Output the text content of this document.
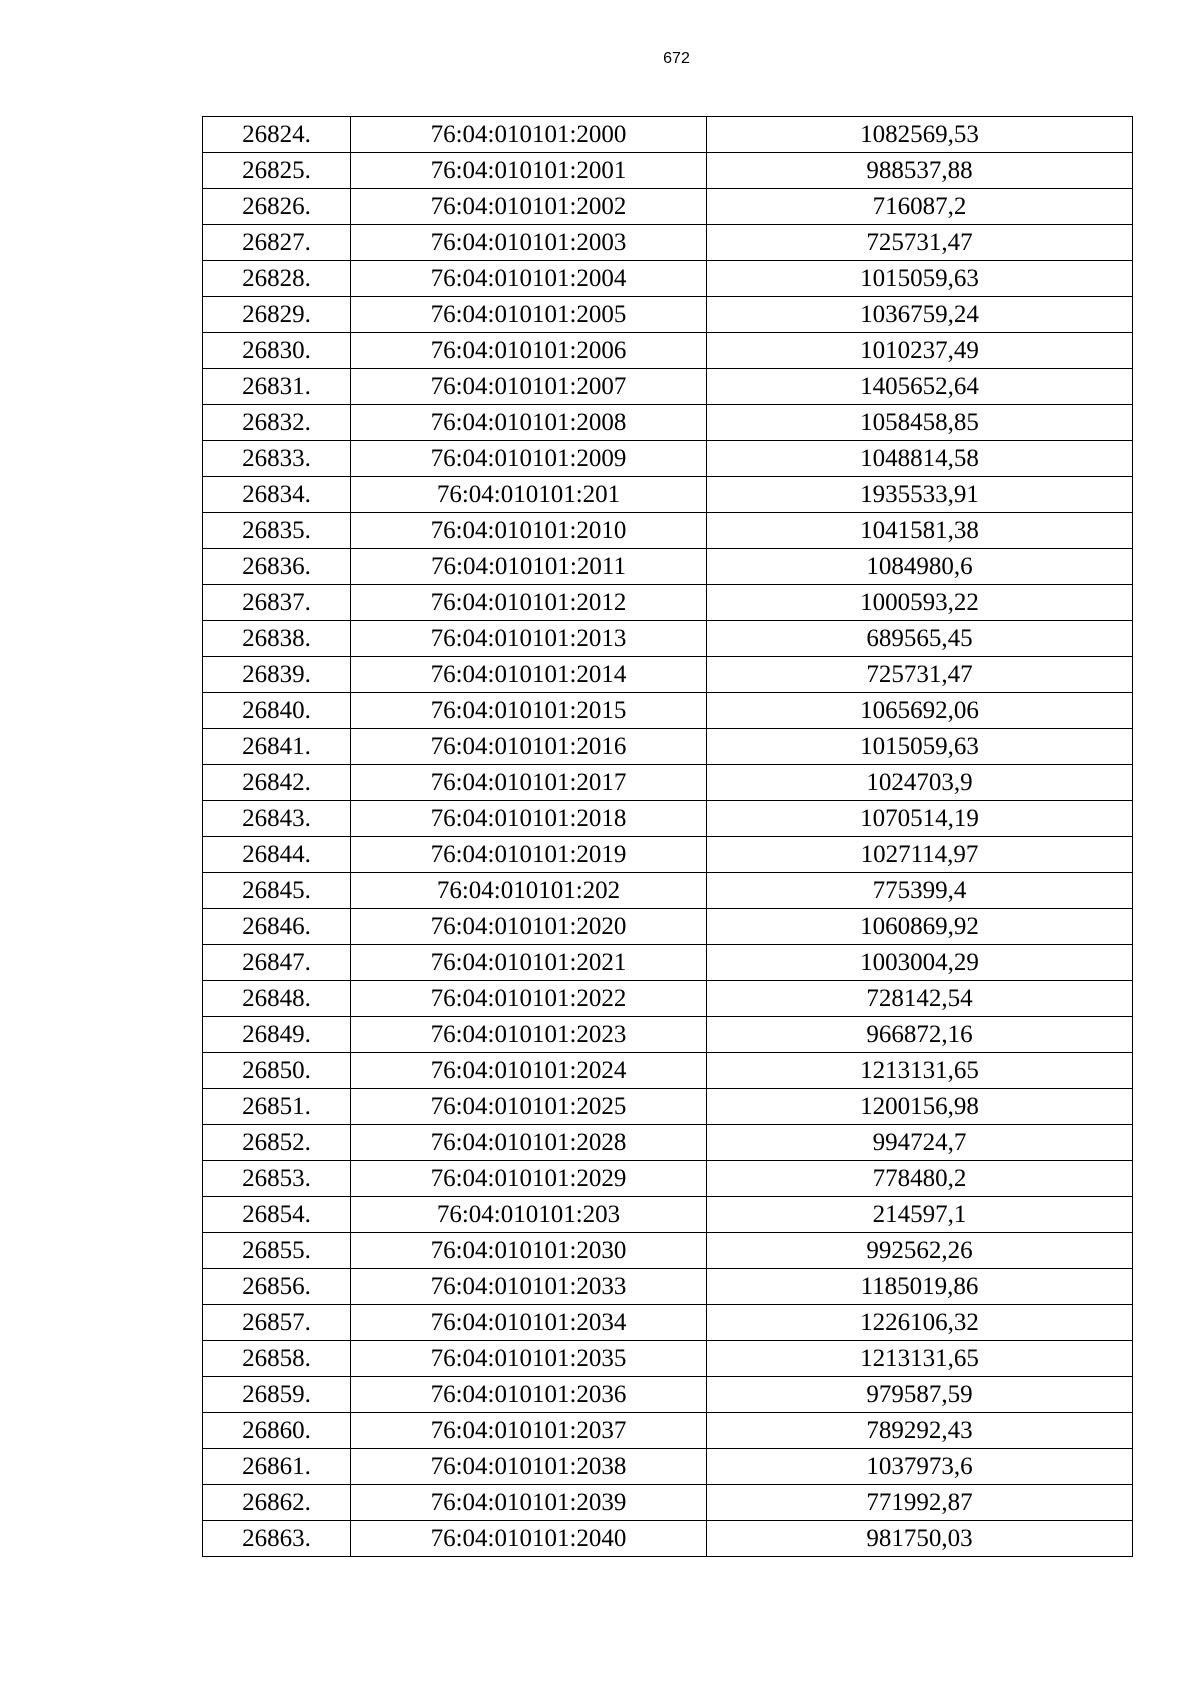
672
26824.	76:04:010101:2000	1082569,53
26825.	76:04:010101:2001	988537,88
26826.	76:04:010101:2002	716087,2
26827.	76:04:010101:2003	725731,47
26828.	76:04:010101:2004	1015059,63
26829.	76:04:010101:2005	1036759,24
26830.	76:04:010101:2006	1010237,49
26831.	76:04:010101:2007	1405652,64
26832.	76:04:010101:2008	1058458,85
26833.	76:04:010101:2009	1048814,58
26834.	76:04:010101:201	1935533,91
26835.	76:04:010101:2010	1041581,38
26836.	76:04:010101:2011	1084980,6
26837.	76:04:010101:2012	1000593,22
26838.	76:04:010101:2013	689565,45
26839.	76:04:010101:2014	725731,47
26840.	76:04:010101:2015	1065692,06
26841.	76:04:010101:2016	1015059,63
26842.	76:04:010101:2017	1024703,9
26843.	76:04:010101:2018	1070514,19
26844.	76:04:010101:2019	1027114,97
26845.	76:04:010101:202	775399,4
26846.	76:04:010101:2020	1060869,92
26847.	76:04:010101:2021	1003004,29
26848.	76:04:010101:2022	728142,54
26849.	76:04:010101:2023	966872,16
26850.	76:04:010101:2024	1213131,65
26851.	76:04:010101:2025	1200156,98
26852.	76:04:010101:2028	994724,7
26853.	76:04:010101:2029	778480,2
26854.	76:04:010101:203	214597,1
26855.	76:04:010101:2030	992562,26
26856.	76:04:010101:2033	1185019,86
26857.	76:04:010101:2034	1226106,32
26858.	76:04:010101:2035	1213131,65
26859.	76:04:010101:2036	979587,59
26860.	76:04:010101:2037	789292,43
26861.	76:04:010101:2038	1037973,6
26862.	76:04:010101:2039	771992,87
26863.	76:04:010101:2040	981750,03
